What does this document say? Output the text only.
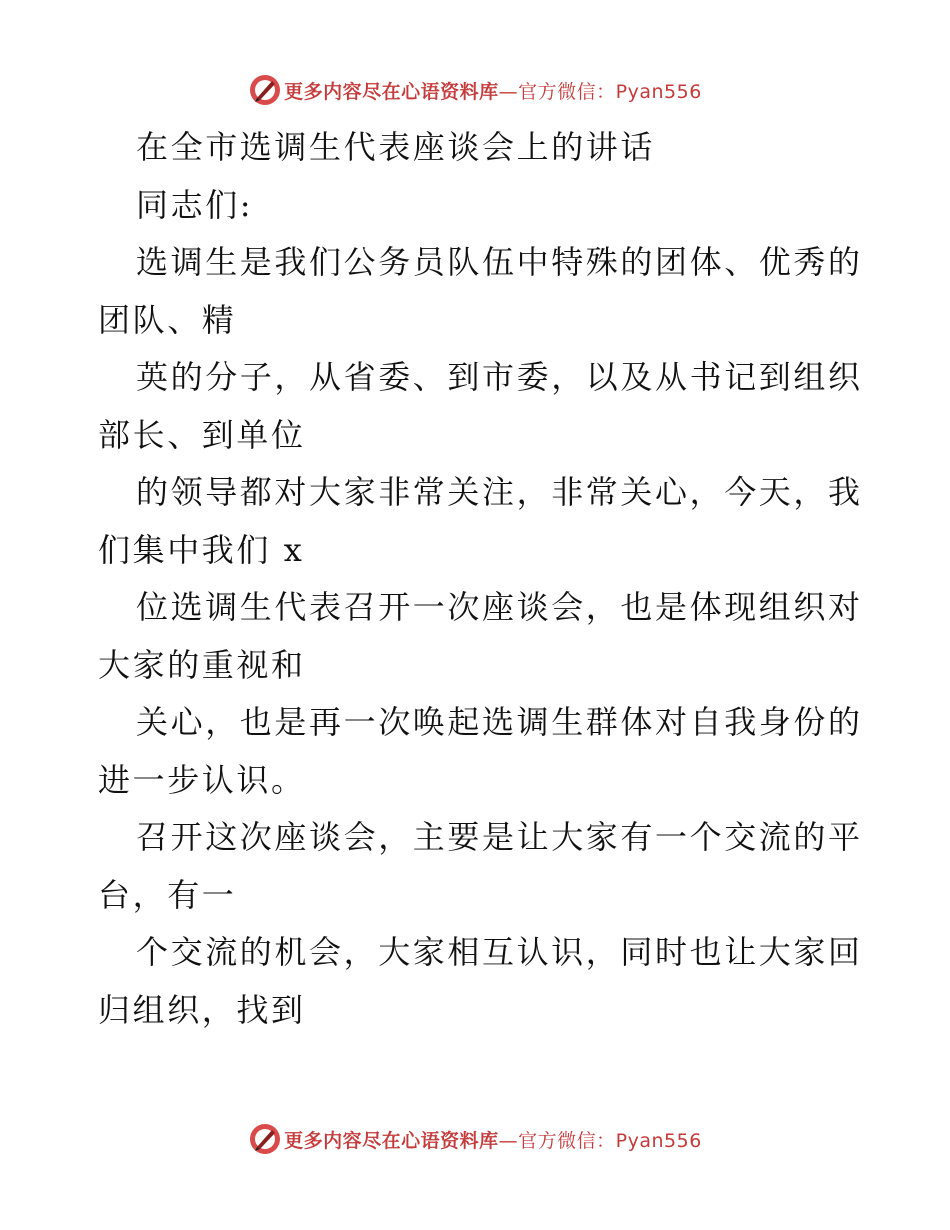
更多内容尽在心语资料库—官方微信：Pyan556
在全市选调生代表座谈会上的讲话
同志们:
选调生是我们公务员队伍中特殊的团体、优秀的
团队、精
英的分子，从省委、到市委，以及从书记到组织
部长、到单位
的领导都对大家非常关注，非常关心，今天，我
们集中我们 x
位选调生代表召开一次座谈会，也是体现组织对
大家的重视和
关心，也是再一次唤起选调生群体对自我身份的
进一步认识。
召开这次座谈会，主要是让大家有一个交流的平
台，有一
个交流的机会，大家相互认识，同时也让大家回
归组织，找到
更多内容尽在心语资料库—官方微信：Pyan556
